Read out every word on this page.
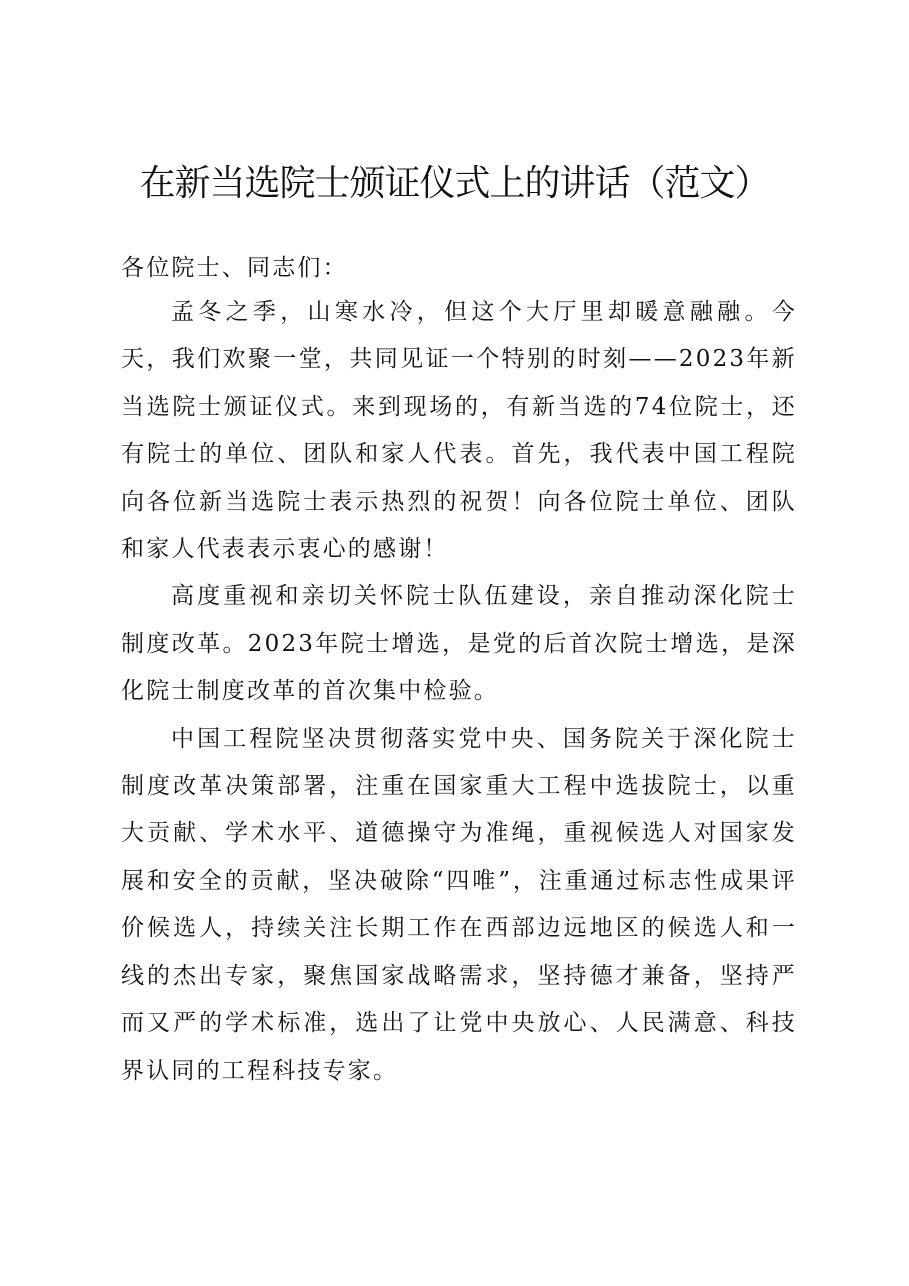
在新当选院士颁证仪式上的讲话（范文）

各位院士、同志们：

孟冬之季，山寒水冷，但这个大厅里却暖意融融。今天，我们欢聚一堂，共同见证一个特别的时刻——2023年新当选院士颁证仪式。来到现场的，有新当选的74位院士，还有院士的单位、团队和家人代表。首先，我代表中国工程院向各位新当选院士表示热烈的祝贺！向各位院士单位、团队和家人代表表示衷心的感谢！

高度重视和亲切关怀院士队伍建设，亲自推动深化院士制度改革。2023年院士增选，是党的后首次院士增选，是深化院士制度改革的首次集中检验。

中国工程院坚决贯彻落实党中央、国务院关于深化院士制度改革决策部署，注重在国家重大工程中选拔院士，以重大贡献、学术水平、道德操守为准绳，重视候选人对国家发展和安全的贡献，坚决破除“四唯”，注重通过标志性成果评价候选人，持续关注长期工作在西部边远地区的候选人和一线的杰出专家，聚焦国家战略需求，坚持德才兼备，坚持严而又严的学术标准，选出了让党中央放心、人民满意、科技界认同的工程科技专家。
